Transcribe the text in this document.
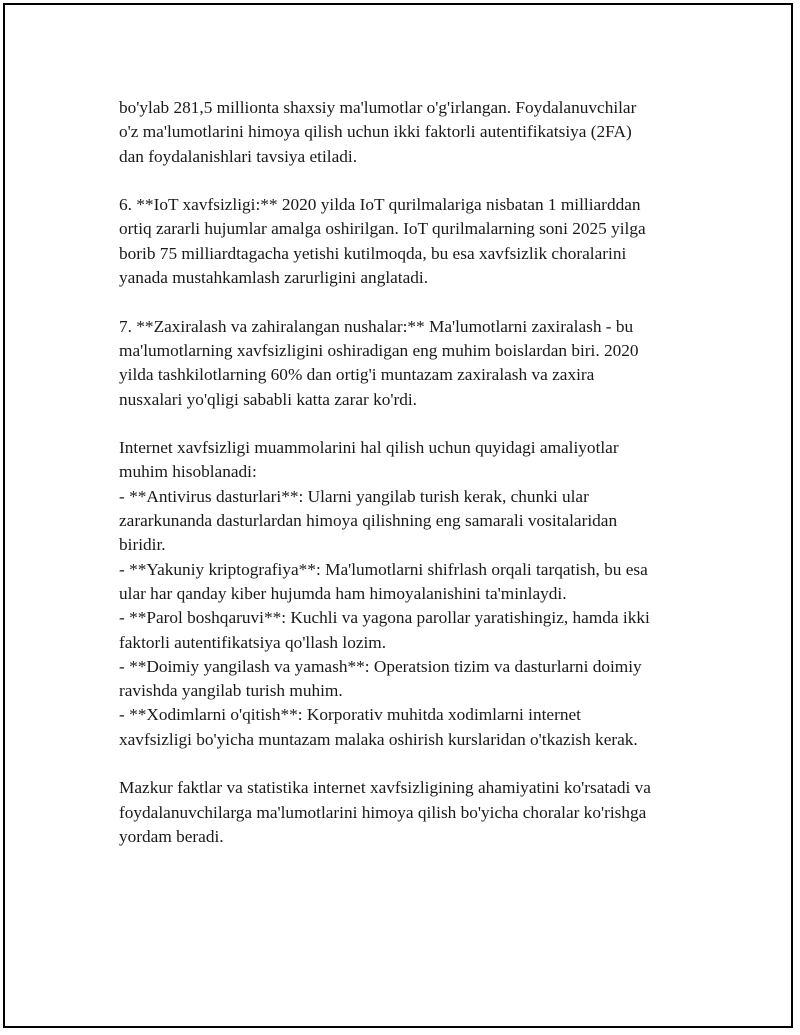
bo'ylab 281,5 millionta shaxsiy ma'lumotlar o'g'irlangan. Foydalanuvchilar
o'z ma'lumotlarini himoya qilish uchun ikki faktorli autentifikatsiya (2FA)
dan foydalanishlari tavsiya etiladi.

6. **IoT xavfsizligi:** 2020 yilda IoT qurilmalariga nisbatan 1 milliarddan
ortiq zararli hujumlar amalga oshirilgan. IoT qurilmalarning soni 2025 yilga
borib 75 milliardtagacha yetishi kutilmoqda, bu esa xavfsizlik choralarini
yanada mustahkamlash zarurligini anglatadi.

7. **Zaxiralash va zahiralangan nushalar:** Ma'lumotlarni zaxiralash - bu
ma'lumotlarning xavfsizligini oshiradigan eng muhim boislardan biri. 2020
yilda tashkilotlarning 60% dan ortig'i muntazam zaxiralash va zaxira
nusxalari yo'qligi sababli katta zarar ko'rdi.

Internet xavfsizligi muammolarini hal qilish uchun quyidagi amaliyotlar
muhim hisoblanadi:
- **Antivirus dasturlari**: Ularni yangilab turish kerak, chunki ular
zararkunanda dasturlardan himoya qilishning eng samarali vositalaridan
biridir.
- **Yakuniy kriptografiya**: Ma'lumotlarni shifrlash orqali tarqatish, bu esa
ular har qanday kiber hujumda ham himoyalanishini ta'minlaydi.
- **Parol boshqaruvi**: Kuchli va yagona parollar yaratishingiz, hamda ikki
faktorli autentifikatsiya qo'llash lozim.
- **Doimiy yangilash va yamash**: Operatsion tizim va dasturlarni doimiy
ravishda yangilab turish muhim.
- **Xodimlarni o'qitish**: Korporativ muhitda xodimlarni internet
xavfsizligi bo'yicha muntazam malaka oshirish kurslaridan o'tkazish kerak.

Mazkur faktlar va statistika internet xavfsizligining ahamiyatini ko'rsatadi va
foydalanuvchilarga ma'lumotlarini himoya qilish bo'yicha choralar ko'rishga
yordam beradi.
